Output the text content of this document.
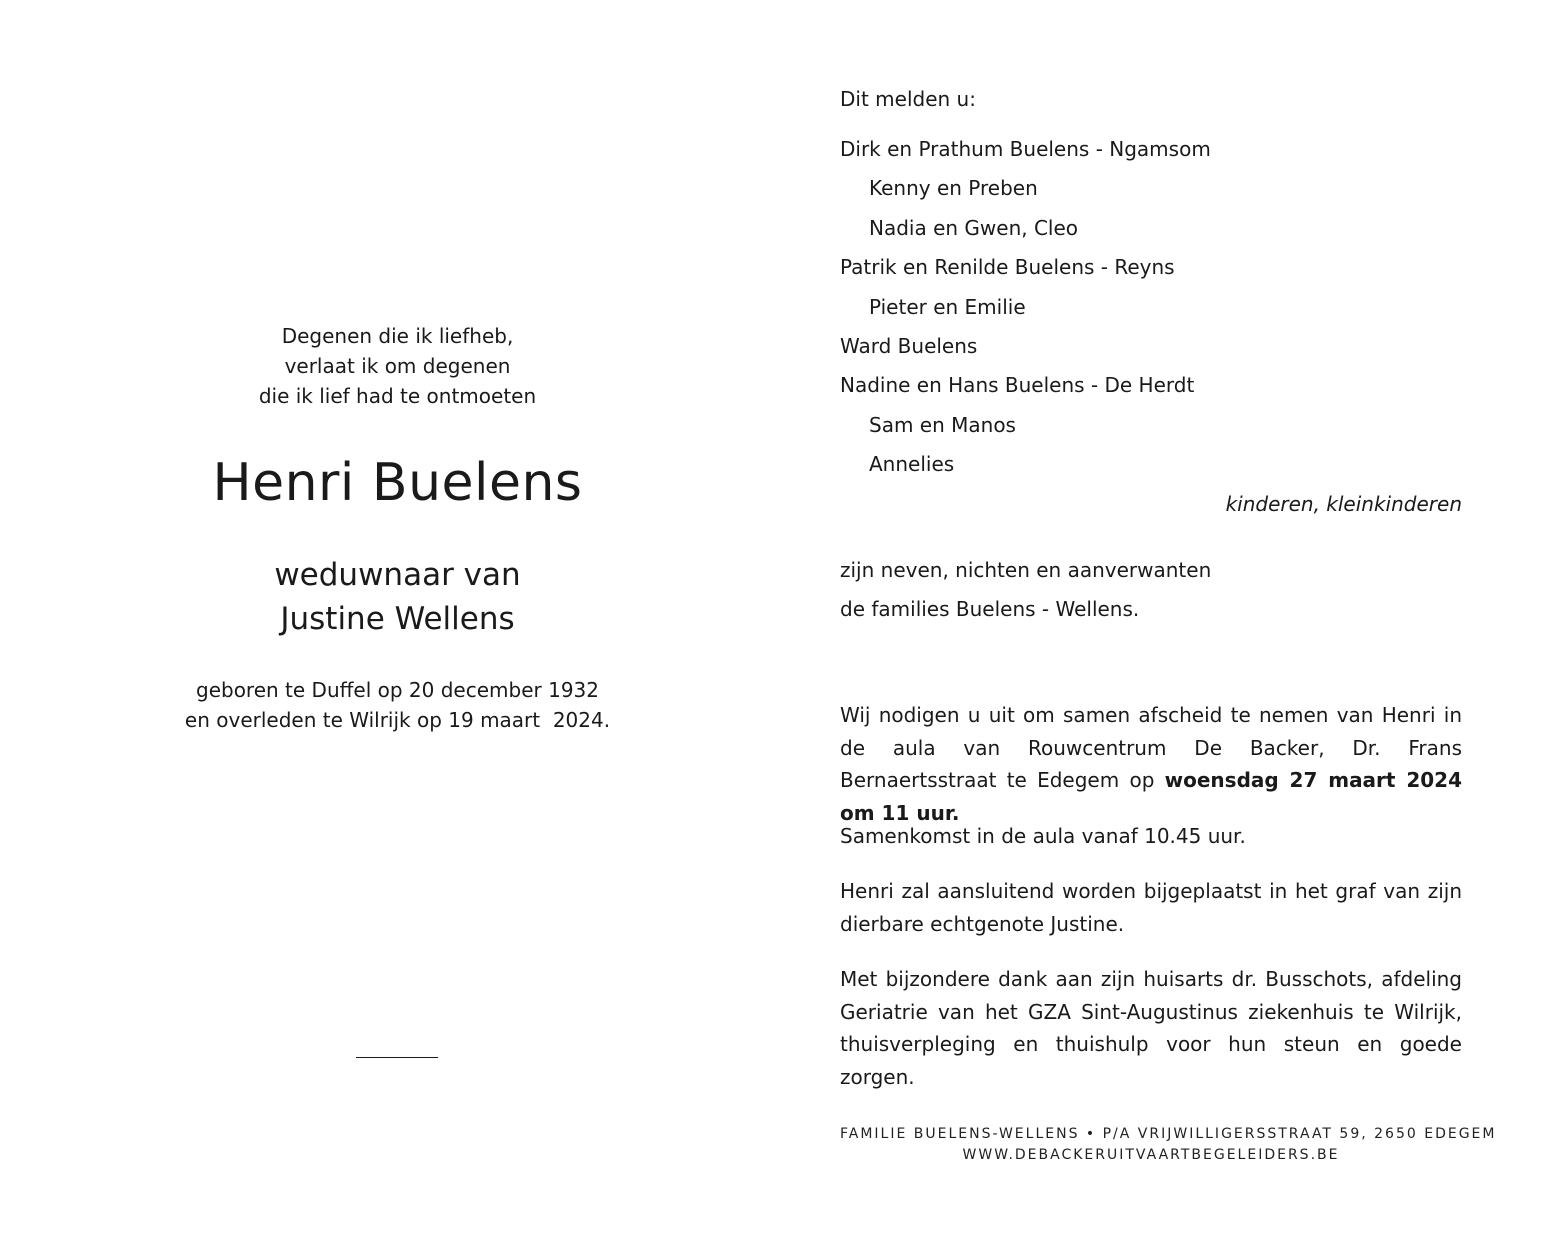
Degenen die ik liefheb,
verlaat ik om degenen
die ik lief had te ontmoeten
Henri Buelens
weduwnaar van
Justine Wellens
geboren te Duffel op 20 december 1932
en overleden te Wilrijk op 19 maart  2024.
Dit melden u:
Dirk en Prathum Buelens - Ngamsom
Kenny en Preben
Nadia en Gwen, Cleo
Patrik en Renilde Buelens - Reyns
Pieter en Emilie
Ward Buelens
Nadine en Hans Buelens - De Herdt
Sam en Manos
Annelies
kinderen, kleinkinderen
zijn neven, nichten en aanverwanten
de families Buelens - Wellens.

Wij nodigen u uit om samen afscheid te nemen van Henri in de aula van Rouwcentrum De Backer, Dr. Frans Bernaertsstraat te Edegem op woensdag 27 maart 2024 om 11 uur.

Samenkomst in de aula vanaf 10.45 uur.

Henri zal aansluitend worden bijgeplaatst in het graf van zijn dierbare echtgenote Justine.

Met bijzondere dank aan zijn huisarts dr. Busschots, afdeling Geriatrie van het GZA Sint-Augustinus ziekenhuis te Wilrijk, thuisverpleging en thuishulp voor hun steun en goede zorgen.

FAMILIE BUELENS-WELLENS • P/A VRIJWILLIGERSSTRAAT 59, 2650 EDEGEM
WWW.DEBACKERUITVAARTBEGELEIDERS.BE
